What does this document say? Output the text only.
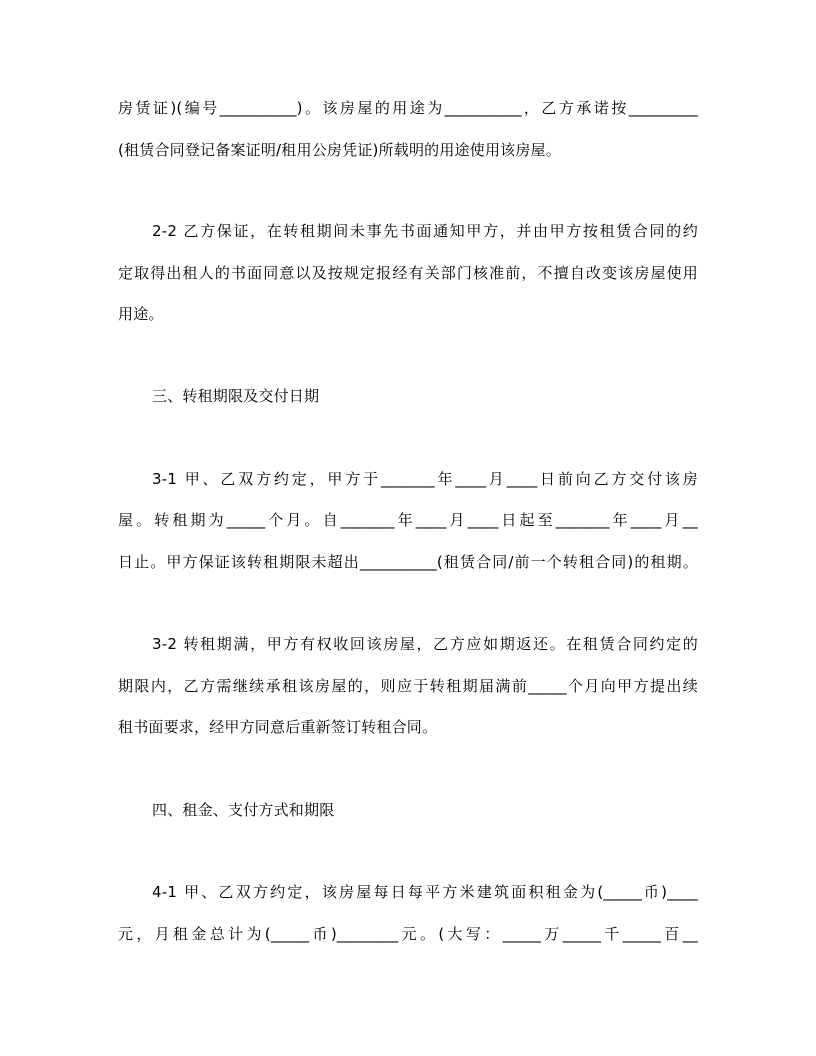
房赁证)(编号__________)。该房屋的用途为__________，乙方承诺按_________
(租赁合同登记备案证明/租用公房凭证)所载明的用途使用该房屋。
2-2 乙方保证，在转租期间未事先书面通知甲方，并由甲方按租赁合同的约
定取得出租人的书面同意以及按规定报经有关部门核准前，不擅自改变该房屋使用
用途。
三、转租期限及交付日期
3-1 甲、乙双方约定，甲方于_______年____月____日前向乙方交付该房
屋。转租期为_____个月。自_______年____月____日起至_______年____月__
日止。甲方保证该转租期限未超出__________(租赁合同/前一个转租合同)的租期。
3-2 转租期满，甲方有权收回该房屋，乙方应如期返还。在租赁合同约定的
期限内，乙方需继续承租该房屋的，则应于转租期届满前_____个月向甲方提出续
租书面要求，经甲方同意后重新签订转租合同。
四、租金、支付方式和期限
4-1 甲、乙双方约定，该房屋每日每平方米建筑面积租金为(_____币)____
元，月租金总计为(_____币)________元。(大写：_____万_____千_____百__
